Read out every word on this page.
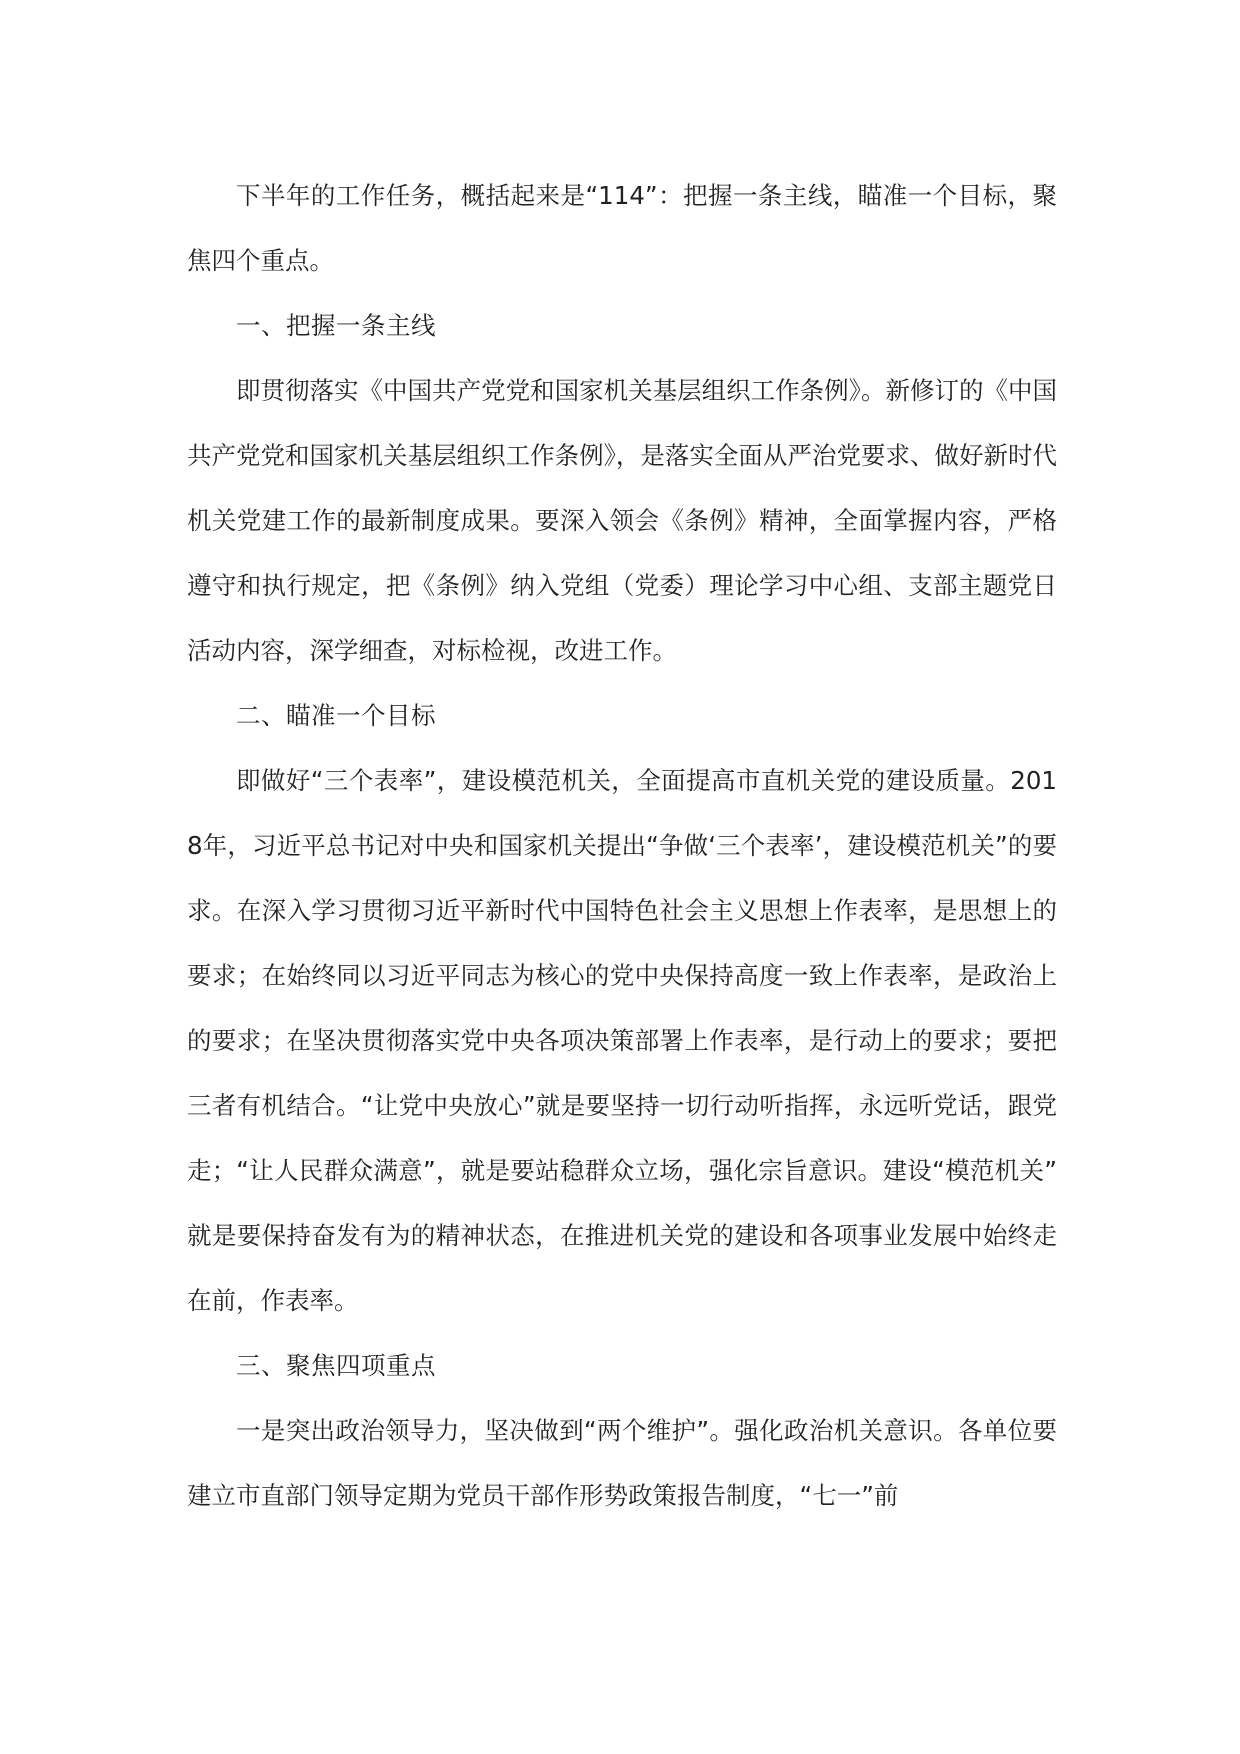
下半年的工作任务，概括起来是“114”：把握一条主线，瞄准一个目标，聚焦四个重点。

一、把握一条主线

即贯彻落实《中国共产党党和国家机关基层组织工作条例》。新修订的《中国共产党党和国家机关基层组织工作条例》，是落实全面从严治党要求、做好新时代机关党建工作的最新制度成果。要深入领会《条例》精神，全面掌握内容，严格遵守和执行规定，把《条例》纳入党组（党委）理论学习中心组、支部主题党日活动内容，深学细查，对标检视，改进工作。

二、瞄准一个目标

即做好“三个表率”，建设模范机关，全面提高市直机关党的建设质量。2018年，习近平总书记对中央和国家机关提出“争做‘三个表率’，建设模范机关”的要求。在深入学习贯彻习近平新时代中国特色社会主义思想上作表率，是思想上的要求；在始终同以习近平同志为核心的党中央保持高度一致上作表率，是政治上的要求；在坚决贯彻落实党中央各项决策部署上作表率，是行动上的要求；要把三者有机结合。“让党中央放心”就是要坚持一切行动听指挥，永远听党话，跟党走；“让人民群众满意”，就是要站稳群众立场，强化宗旨意识。建设“模范机关”就是要保持奋发有为的精神状态，在推进机关党的建设和各项事业发展中始终走在前，作表率。

三、聚焦四项重点

一是突出政治领导力，坚决做到“两个维护”。强化政治机关意识。各单位要建立市直部门领导定期为党员干部作形势政策报告制度，“七一”前
